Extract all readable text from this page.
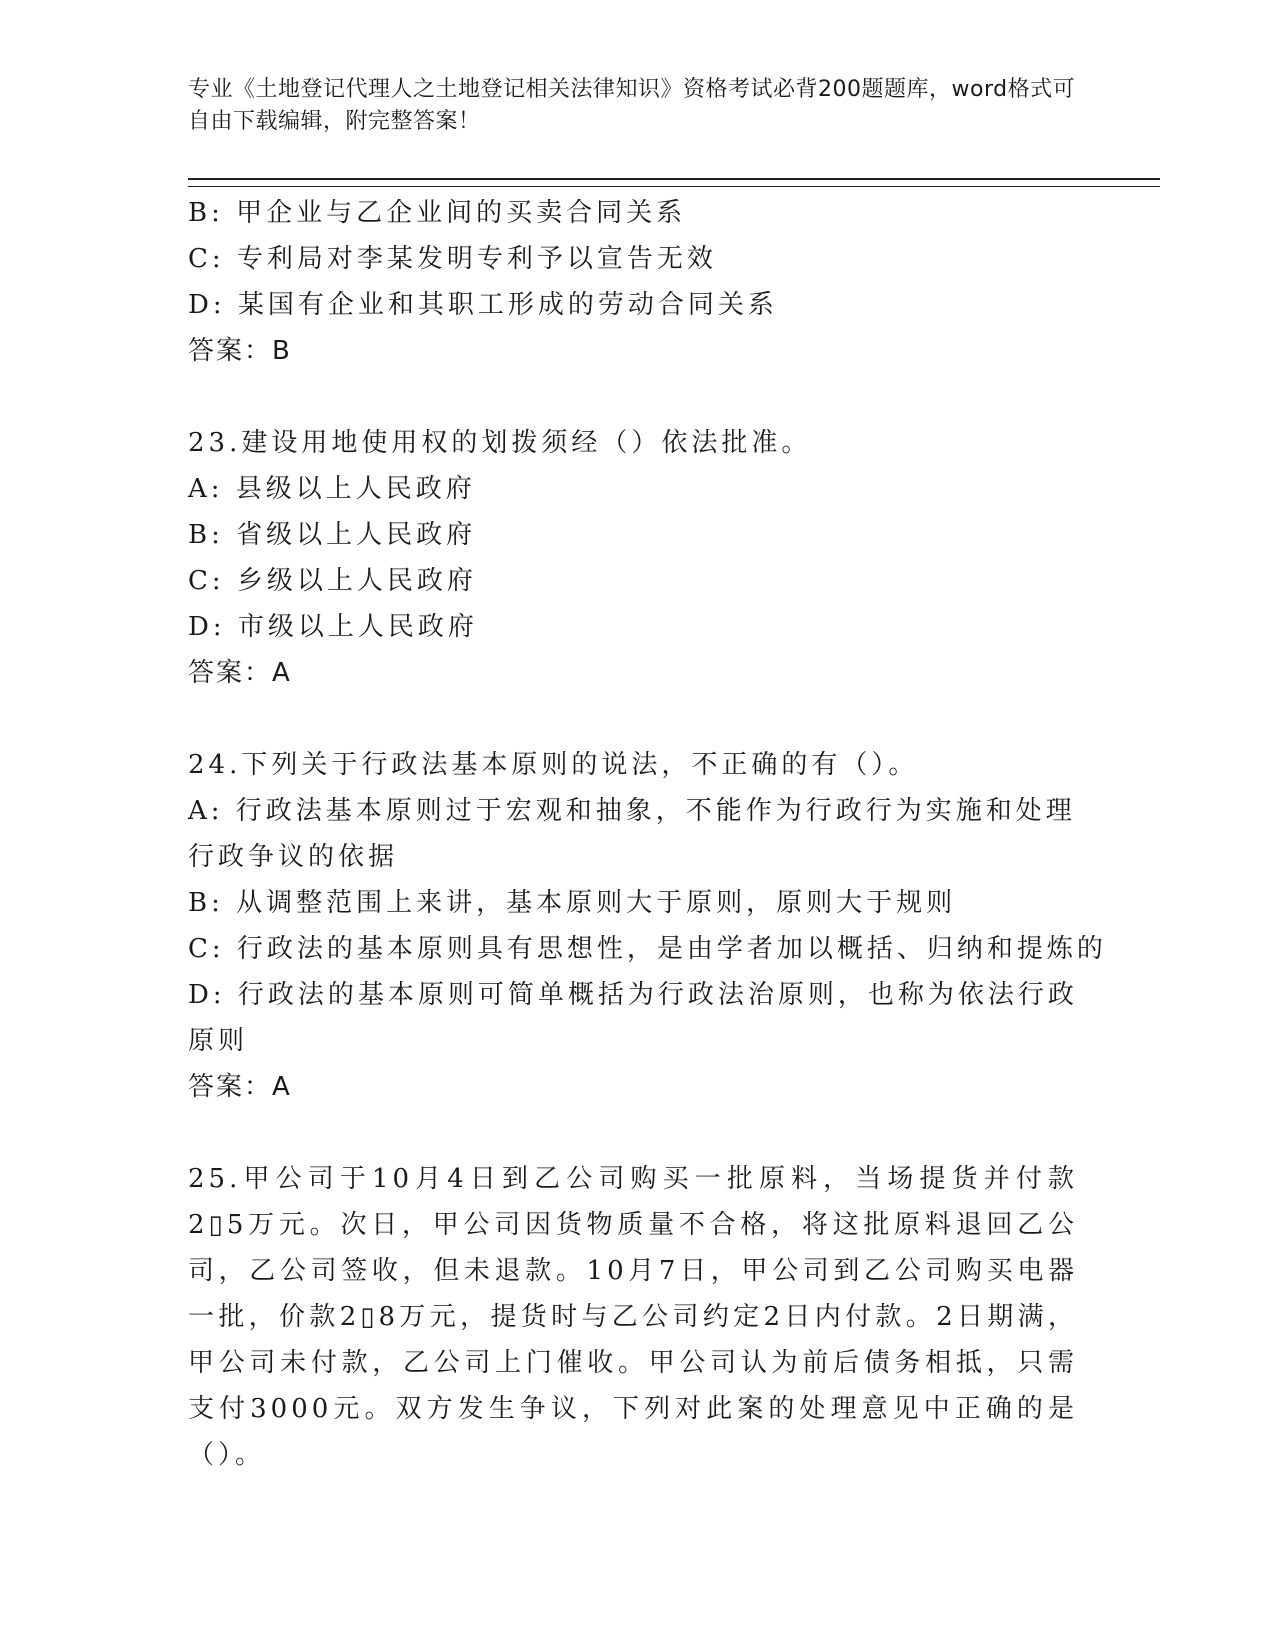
专业《土地登记代理人之土地登记相关法律知识》资格考试必背200题题库，word格式可自由下载编辑，附完整答案！
B: 甲企业与乙企业间的买卖合同关系
C: 专利局对李某发明专利予以宣告无效
D: 某国有企业和其职工形成的劳动合同关系
答案：B
23.建设用地使用权的划拨须经（）依法批准。
A: 县级以上人民政府
B: 省级以上人民政府
C: 乡级以上人民政府
D: 市级以上人民政府
答案：A
24.下列关于行政法基本原则的说法，不正确的有（）。
A: 行政法基本原则过于宏观和抽象，不能作为行政行为实施和处理行政争议的依据
B: 从调整范围上来讲，基本原则大于原则，原则大于规则
C: 行政法的基本原则具有思想性，是由学者加以概括、归纳和提炼的
D: 行政法的基本原则可简单概括为行政法治原则，也称为依法行政原则
答案：A
25.甲公司于10月4日到乙公司购买一批原料，当场提货并付款2▯5万元。次日，甲公司因货物质量不合格，将这批原料退回乙公司，乙公司签收，但未退款。10月7日，甲公司到乙公司购买电器一批，价款2▯8万元，提货时与乙公司约定2日内付款。2日期满，甲公司未付款，乙公司上门催收。甲公司认为前后债务相抵，只需支付3000元。双方发生争议，下列对此案的处理意见中正确的是（）。
